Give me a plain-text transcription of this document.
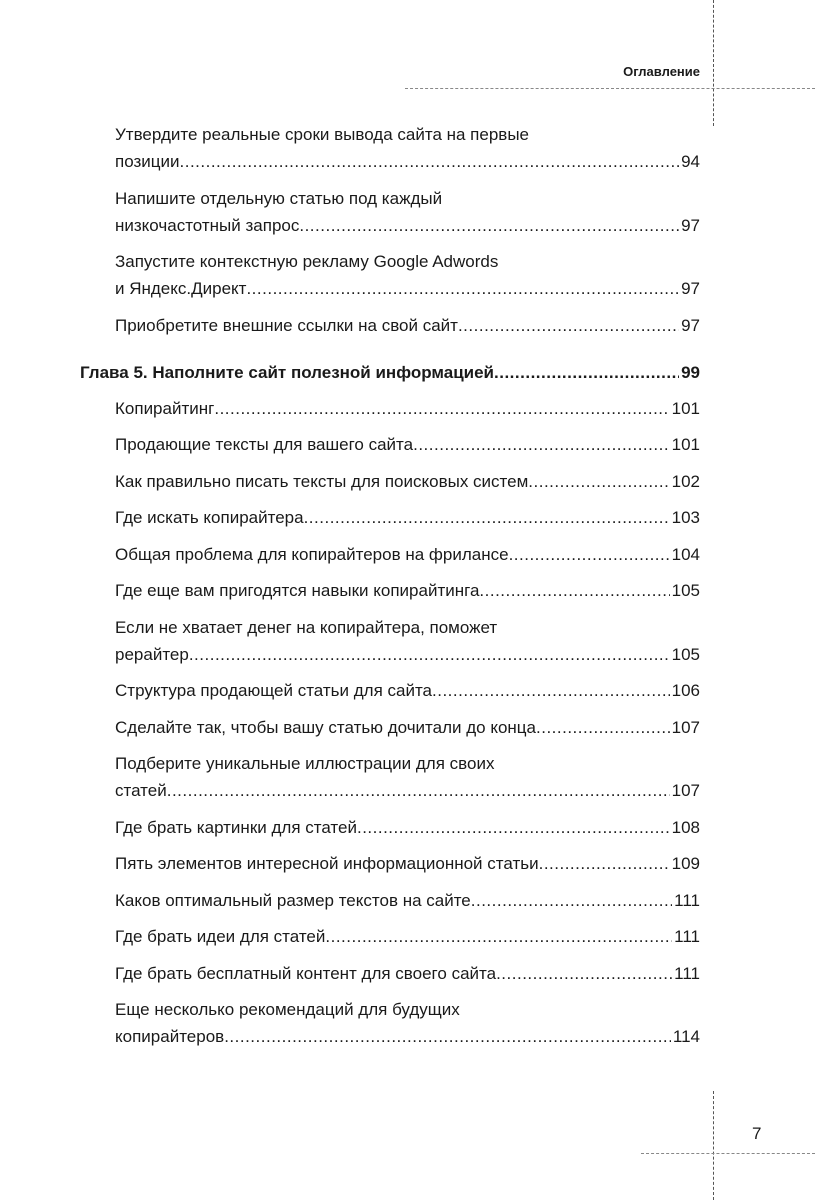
Оглавление
Утвердите реальные сроки вывода сайта на первые
позиции .....	94
Напишите отдельную статью под каждый
низкочастотный запрос .....	97
Запустите контекстную рекламу Google Adwords
и Яндекс.Директ .....	97
Приобретите внешние ссылки на свой сайт .....	97
Глава 5. Наполните сайт полезной информацией .....	99
Копирайтинг .....	101
Продающие тексты для вашего сайта .....	101
Как правильно писать тексты для поисковых систем .....	102
Где искать копирайтера .....	103
Общая проблема для копирайтеров на фрилансе .....	104
Где еще вам пригодятся навыки копирайтинга .....	105
Если не хватает денег на копирайтера, поможет
рерайтер .....	105
Структура продающей статьи для сайта .....	106
Сделайте так, чтобы вашу статью дочитали до конца .....	107
Подберите уникальные иллюстрации для своих
статей .....	107
Где брать картинки для статей .....	108
Пять элементов интересной информационной статьи .....	109
Каков оптимальный размер текстов на сайте .....	111
Где брать идеи для статей .....	111
Где брать бесплатный контент для своего сайта .....	111
Еще несколько рекомендаций для будущих
копирайтеров .....	114
7
